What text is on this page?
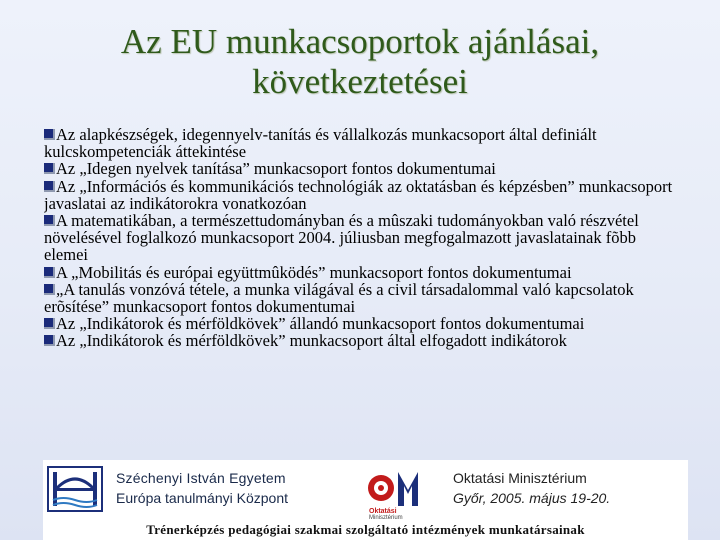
Az EU munkacsoportok ajánlásai,
következtetései
Az alapkészségek, idegennyelv-tanítás és vállalkozás munkacsoport által definiált kulcskompetenciák áttekintése
Az „Idegen nyelvek tanítása” munkacsoport fontos dokumentumai
Az „Információs és kommunikációs technológiák az oktatásban és képzésben” munkacsoport javaslatai az indikátorokra vonatkozóan
A matematikában, a természettudományban és a mûszaki tudományokban való részvétel növelésével foglalkozó munkacsoport 2004. júliusban megfogalmazott javaslatainak fõbb elemei
A „Mobilitás és európai együttmûködés” munkacsoport fontos dokumentumai
„A tanulás vonzóvá tétele, a munka világával és a civil társadalommal való kapcsolatok erõsítése” munkacsoport fontos dokumentumai
Az „Indikátorok és mérföldkövek” állandó munkacsoport fontos dokumentumai
Az „Indikátorok és mérföldkövek” munkacsoport által elfogadott indikátorok
Széchenyi István Egyetem
Európa tanulmányi Központ
Oktatási
Minisztérium
Oktatási Minisztérium
Győr, 2005. május 19-20.
Trénerképzés pedagógiai szakmai szolgáltató intézmények munkatársainak
